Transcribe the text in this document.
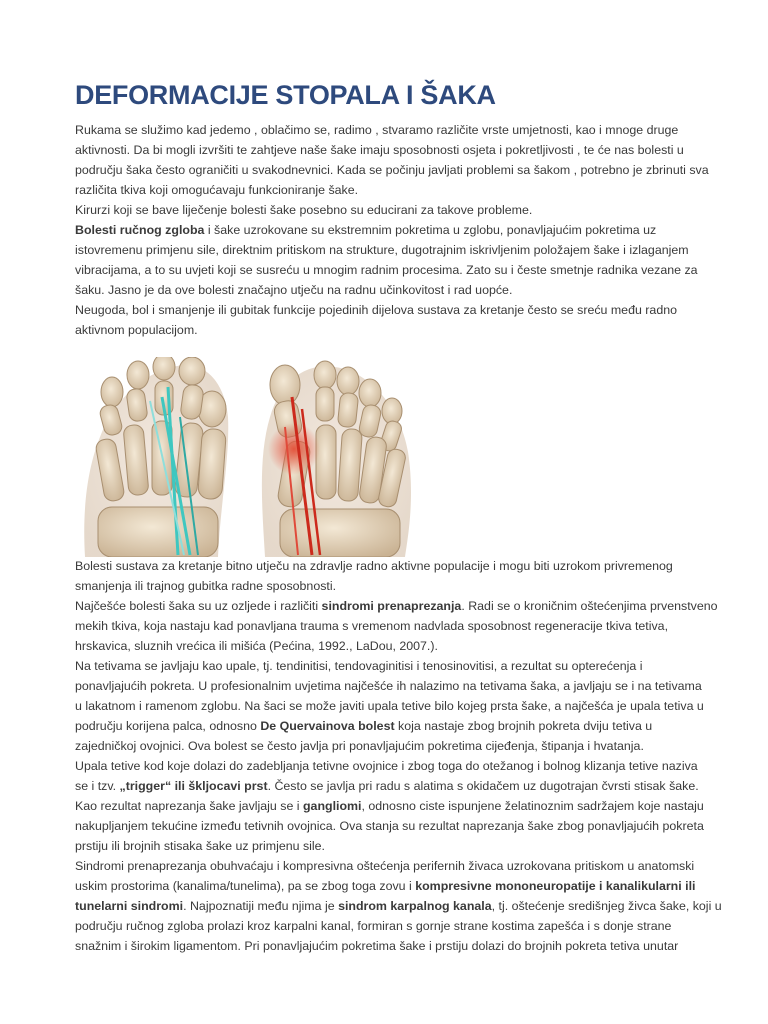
DEFORMACIJE STOPALA I ŠAKA
Rukama se služimo kad jedemo , oblačimo se, radimo , stvaramo različite vrste umjetnosti, kao i mnoge druge
aktivnosti. Da bi mogli izvršiti te zahtjeve naše šake imaju sposobnosti osjeta i pokretljivosti , te će nas bolesti u
području šaka često ograničiti u svakodnevnici. Kada se počinju javljati problemi sa šakom , potrebno je zbrinuti sva
različita tkiva koji omogućavaju funkcioniranje šake.
Kirurzi koji se bave liječenje bolesti šake posebno su educirani za takove probleme.
Bolesti ručnog zgloba i šake uzrokovane su ekstremnim pokretima u zglobu, ponavljajućim pokretima uz
istovremenu primjenu sile, direktnim pritiskom na strukture, dugotrajnim iskrivljenim položajem šake i izlaganjem
vibracijama, a to su uvjeti koji se susreću u mnogim radnim procesima. Zato su i česte smetnje radnika vezane za
šaku. Jasno je da ove bolesti značajno utječu na radnu učinkovitost i rad uopće.
Neugoda, bol i smanjenje ili gubitak funkcije pojedinih dijelova sustava za kretanje često se sreću među radno
aktivnom populacijom.
Bolesti sustava za kretanje bitno utječu na zdravlje radno aktivne populacije i mogu biti uzrokom privremenog
smanjenja ili trajnog gubitka radne sposobnosti.
Najčešće bolesti šaka su uz ozljede i različiti sindromi prenaprezanja. Radi se o kroničnim oštećenjima prvenstveno
mekih tkiva, koja nastaju kad ponavljana trauma s vremenom nadvlada sposobnost regeneracije tkiva tetiva,
hrskavica, sluznih vrećica ili mišića (Pećina, 1992., LaDou, 2007.).
Na tetivama se javljaju kao upale, tj. tendinitisi, tendovaginitisi i tenosinovitisi, a rezultat su opterećenja i
ponavljajućih pokreta. U profesionalnim uvjetima najčešće ih nalazimo na tetivama šaka, a javljaju se i na tetivama
u lakatnom i ramenom zglobu. Na šaci se može javiti upala tetive bilo kojeg prsta šake, a najčešća je upala tetiva u
području korijena palca, odnosno De Quervainova bolest koja nastaje zbog brojnih pokreta dviju tetiva u
zajedničkoj ovojnici. Ova bolest se često javlja pri ponavljajućim pokretima cijeđenja, štipanja i hvatanja.
Upala tetive kod koje dolazi do zadebljanja tetivne ovojnice i zbog toga do otežanog i bolnog klizanja tetive naziva
se i tzv. „trigger“ ili škljocavi prst. Često se javlja pri radu s alatima s okidačem uz dugotrajan čvrsti stisak šake.
Kao rezultat naprezanja šake javljaju se i gangliomi, odnosno ciste ispunjene želatinoznim sadržajem koje nastaju
nakupljanjem tekućine između tetivnih ovojnica. Ova stanja su rezultat naprezanja šake zbog ponavljajućih pokreta
prstiju ili brojnih stisaka šake uz primjenu sile.
Sindromi prenaprezanja obuhvaćaju i kompresivna oštećenja perifernih živaca uzrokovana pritiskom u anatomski
uskim prostorima (kanalima/tunelima), pa se zbog toga zovu i kompresivne mononeuropatije i kanalikularni ili
tunelarni sindromi. Najpoznatiji među njima je sindrom karpalnog kanala, tj. oštećenje središnjeg živca šake, koji u
području ručnog zgloba prolazi kroz karpalni kanal, formiran s gornje strane kostima zapešća i s donje strane
snažnim i širokim ligamentom. Pri ponavljajućim pokretima šake i prstiju dolazi do brojnih pokreta tetiva unutar
